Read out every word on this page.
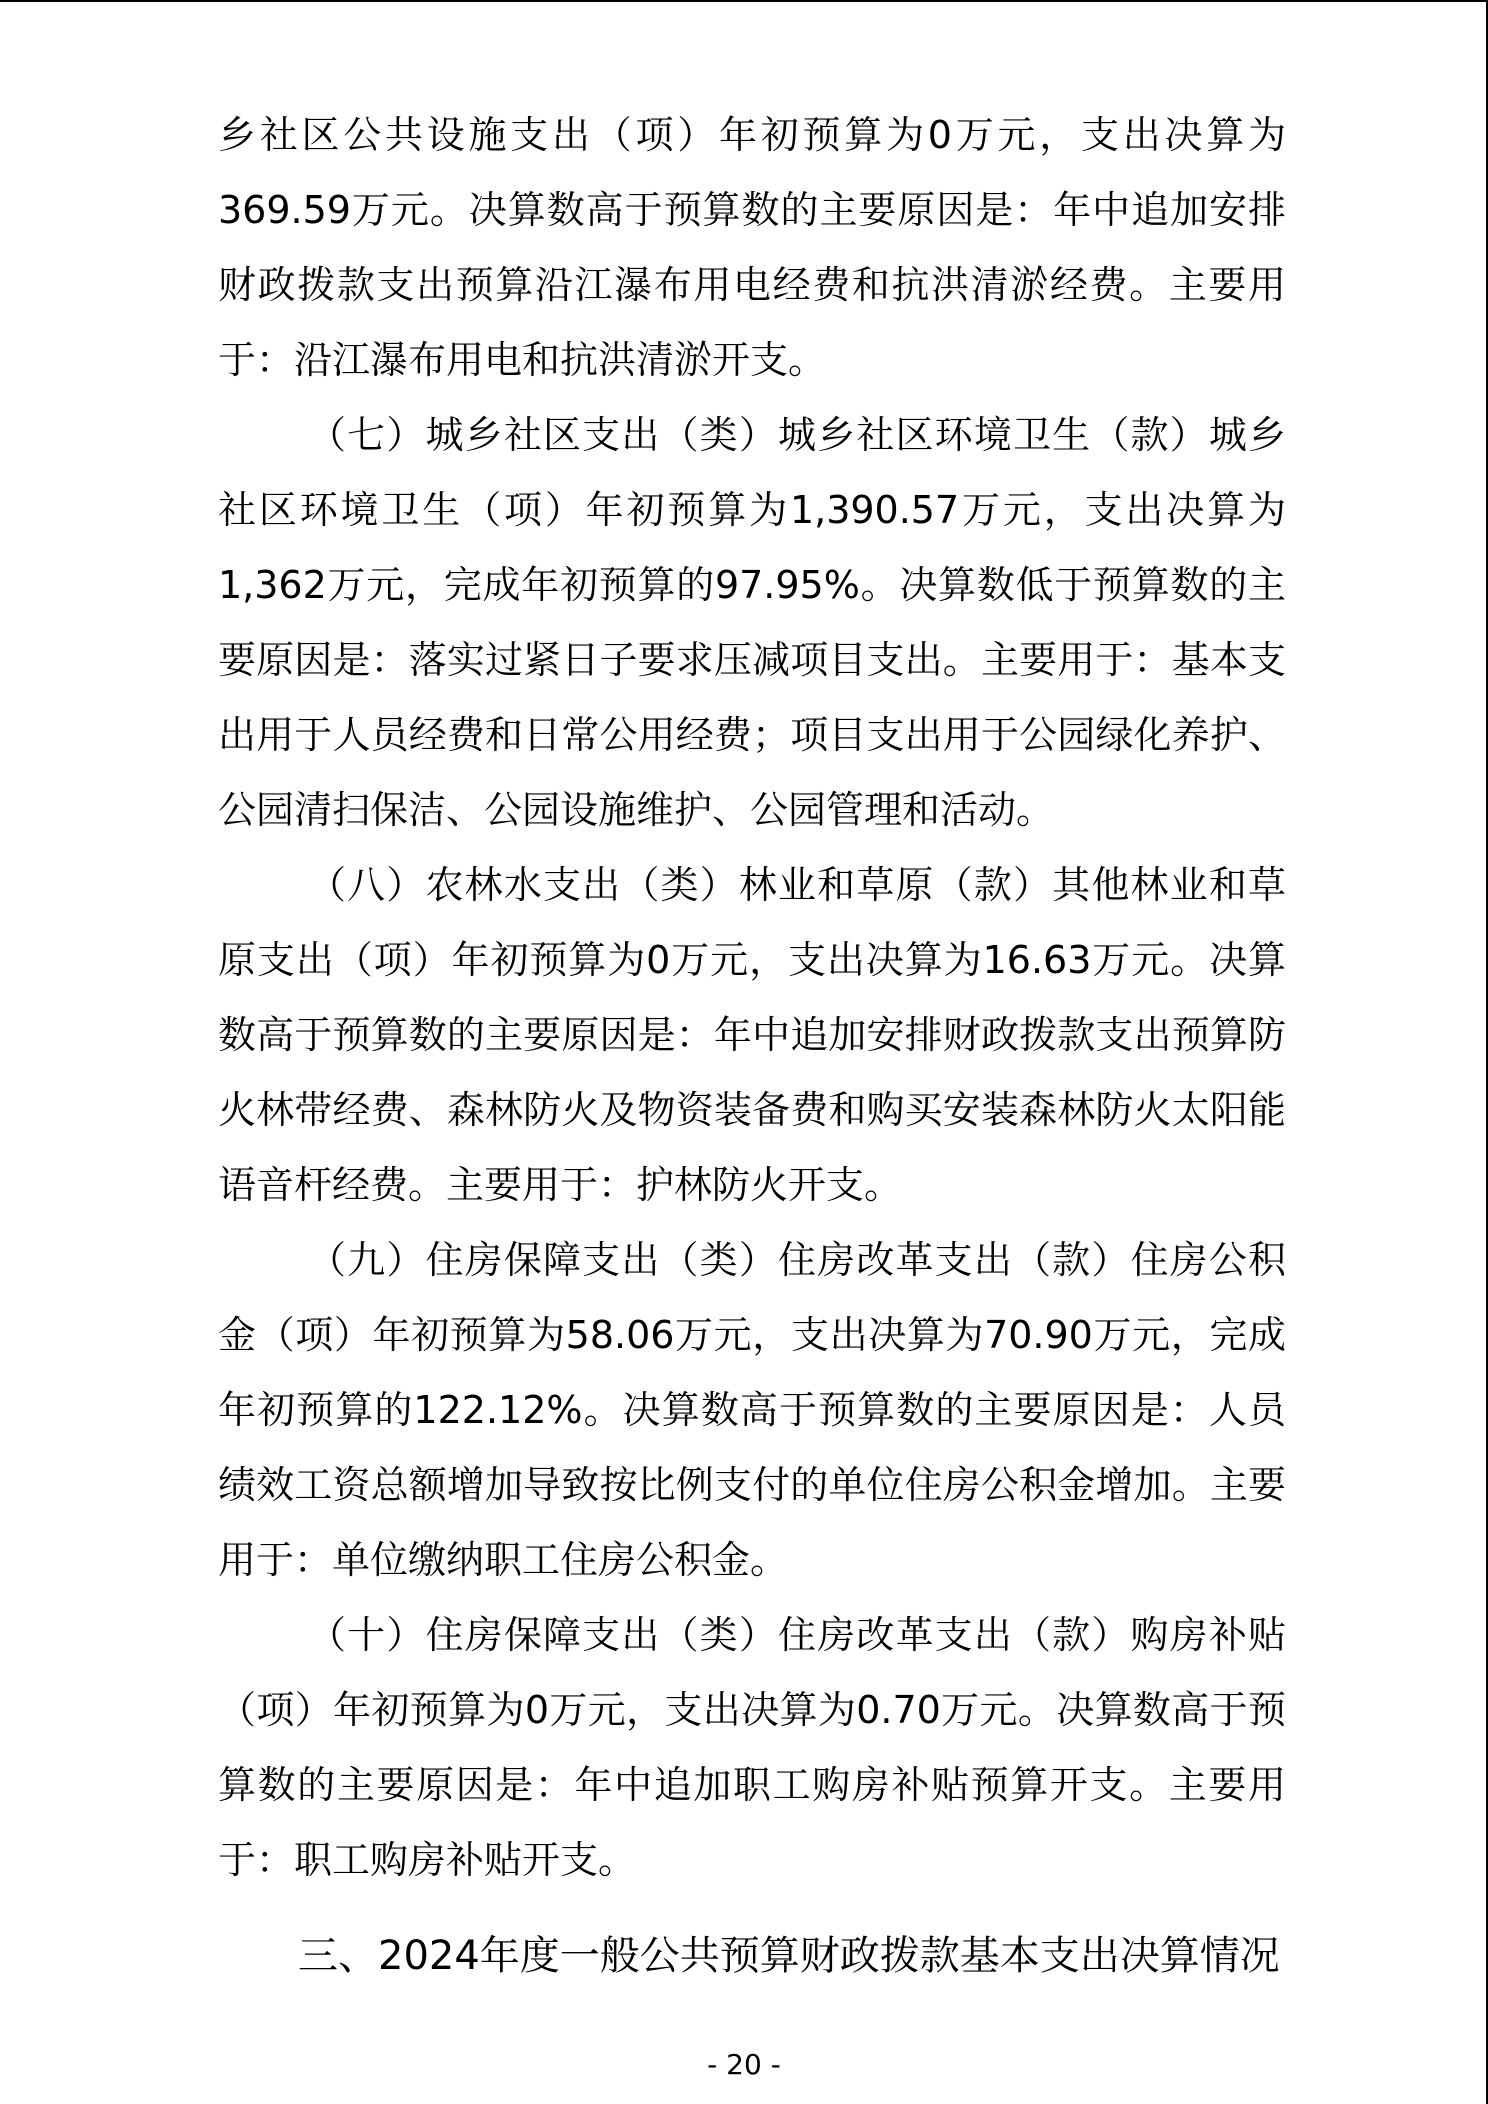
乡社区公共设施支出（项）年初预算为0万元，支出决算为369.59万元。决算数高于预算数的主要原因是：年中追加安排财政拨款支出预算沿江瀑布用电经费和抗洪清淤经费。主要用于：沿江瀑布用电和抗洪清淤开支。

（七）城乡社区支出（类）城乡社区环境卫生（款）城乡社区环境卫生（项）年初预算为1,390.57万元，支出决算为1,362万元，完成年初预算的97.95%。决算数低于预算数的主要原因是：落实过紧日子要求压减项目支出。主要用于：基本支出用于人员经费和日常公用经费；项目支出用于公园绿化养护、公园清扫保洁、公园设施维护、公园管理和活动。

（八）农林水支出（类）林业和草原（款）其他林业和草原支出（项）年初预算为0万元，支出决算为16.63万元。决算数高于预算数的主要原因是：年中追加安排财政拨款支出预算防火林带经费、森林防火及物资装备费和购买安装森林防火太阳能语音杆经费。主要用于：护林防火开支。

（九）住房保障支出（类）住房改革支出（款）住房公积金（项）年初预算为58.06万元，支出决算为70.90万元，完成年初预算的122.12%。决算数高于预算数的主要原因是：人员绩效工资总额增加导致按比例支付的单位住房公积金增加。主要用于：单位缴纳职工住房公积金。

（十）住房保障支出（类）住房改革支出（款）购房补贴（项）年初预算为0万元，支出决算为0.70万元。决算数高于预算数的主要原因是：年中追加职工购房补贴预算开支。主要用于：职工购房补贴开支。

三、2024年度一般公共预算财政拨款基本支出决算情况
- 20 -
